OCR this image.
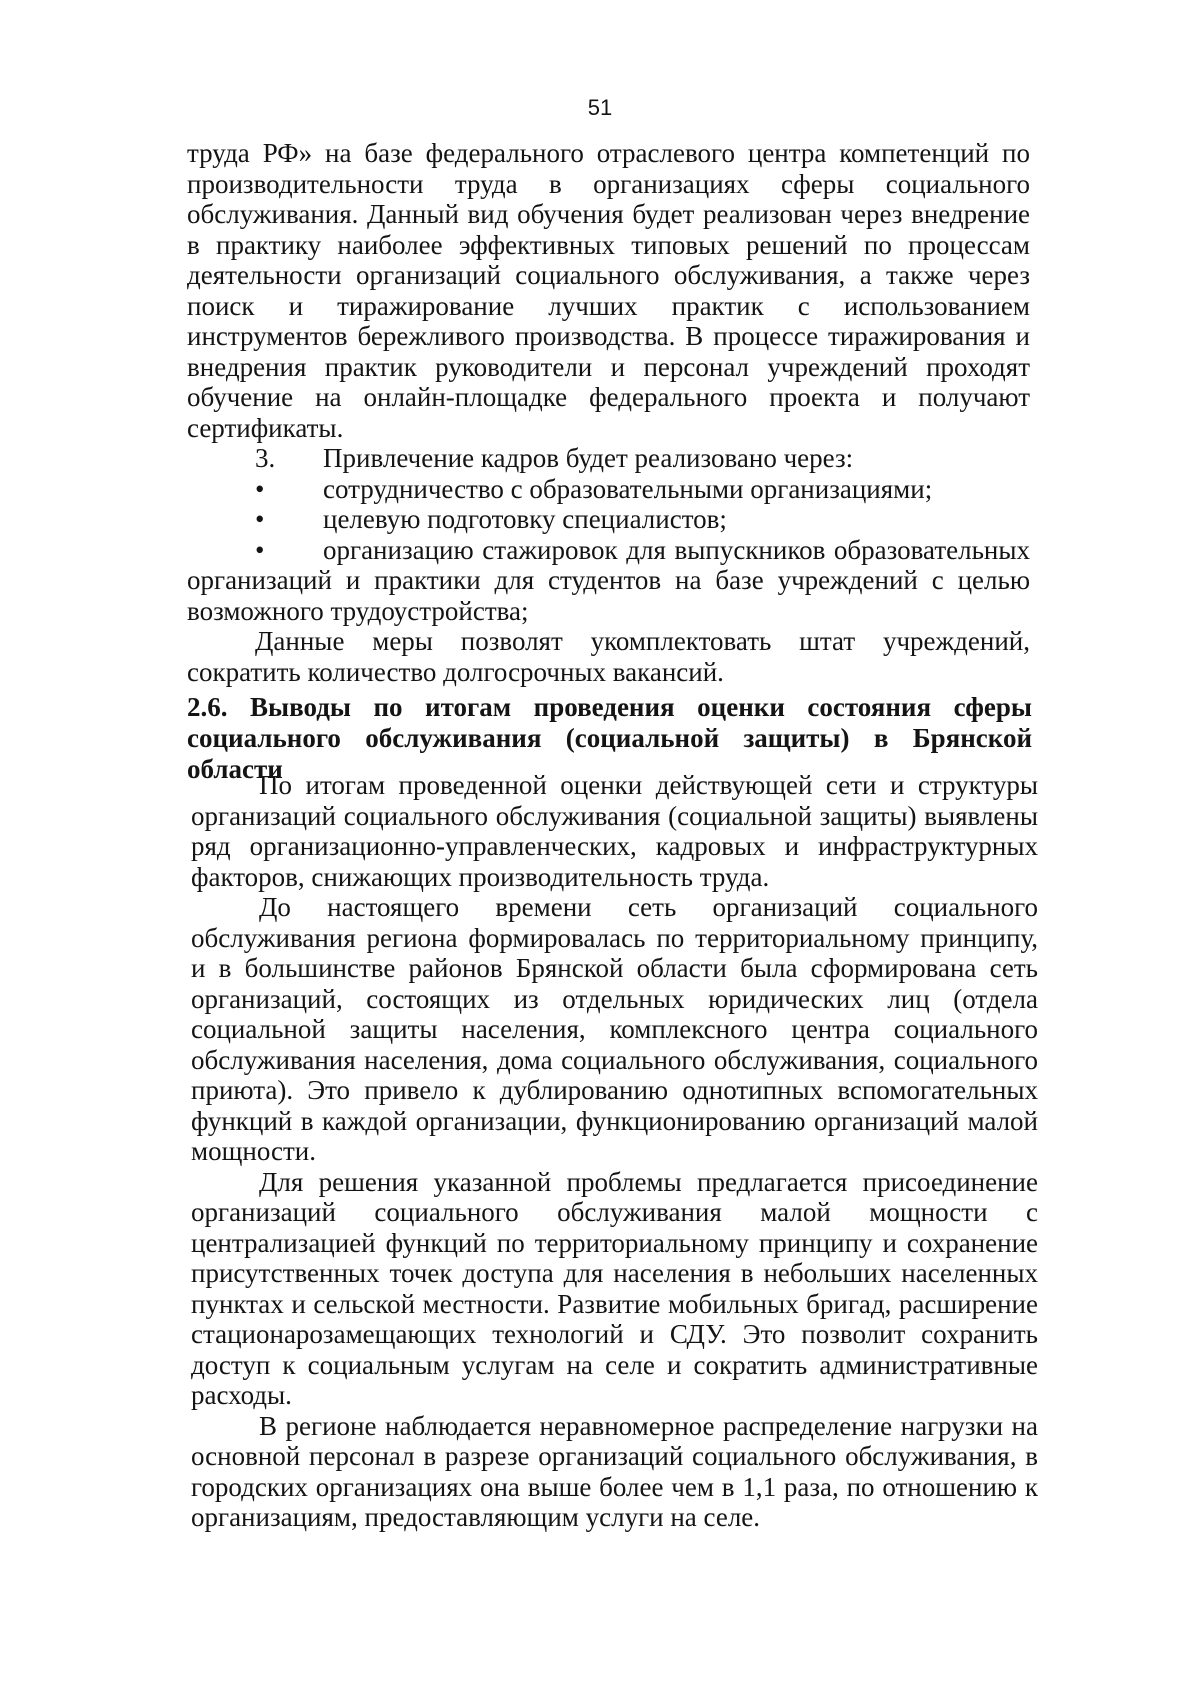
51

труда РФ» на базе федерального отраслевого центра компетенций по производительности труда в организациях сферы социального обслуживания. Данный вид обучения будет реализован через внедрение в практику наиболее эффективных типовых решений по процессам деятельности организаций социального обслуживания, а также через поиск и тиражирование лучших практик с использованием инструментов бережливого производства. В процессе тиражирования и внедрения практик руководители и персонал учреждений проходят обучение на онлайн-площадке федерального проекта и получают сертификаты.

3.	Привлечение кадров будет реализовано через:
•	сотрудничество с образовательными организациями;
•	целевую подготовку специалистов;

• организацию стажировок для выпускников образовательных организаций и практики для студентов на базе учреждений с целью возможного трудоустройства;

Данные меры позволят укомплектовать штат учреждений, сократить количество долгосрочных вакансий.

2.6. Выводы по итогам проведения оценки состояния сферы социального обслуживания (социальной защиты) в Брянской области

По итогам проведенной оценки действующей сети и структуры организаций социального обслуживания (социальной защиты) выявлены ряд организационно-управленческих, кадровых и инфраструктурных факторов, снижающих производительность труда.

До настоящего времени сеть организаций социального обслуживания региона формировалась по территориальному принципу, и в большинстве районов Брянской области была сформирована сеть организаций, состоящих из отдельных юридических лиц (отдела социальной защиты населения, комплексного центра социального обслуживания населения, дома социального обслуживания, социального приюта). Это привело к дублированию однотипных вспомогательных функций в каждой организации, функционированию организаций малой мощности.

Для решения указанной проблемы предлагается присоединение организаций социального обслуживания малой мощности с централизацией функций по территориальному принципу и сохранение присутственных точек доступа для населения в небольших населенных пунктах и сельской местности. Развитие мобильных бригад, расширение стационарозамещающих технологий и СДУ. Это позволит сохранить доступ к социальным услугам на селе и сократить административные расходы.

В регионе наблюдается неравномерное распределение нагрузки на основной персонал в разрезе организаций социального обслуживания, в городских организациях она выше более чем в 1,1 раза, по отношению к организациям, предоставляющим услуги на селе.
